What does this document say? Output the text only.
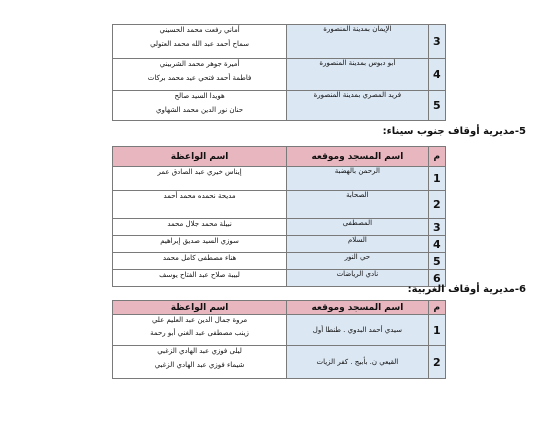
3	الإيمان بمدينة المنصورة	أماني رفعت محمد الحسيني
سماح أحمد عبد الله محمد العتولي

4	أبو دبوس بمدينة المنصورة	أميرة جوهر محمد الشربيني
فاطمة أحمد فتحي عيد محمد بركات

5	فريد المصري بمدينة المنصورة	هويدا السيد صالح
حنان نور الدين محمد الشهاوي
5-مديرية أوقاف جنوب سيناء:
م	اسم المسجد وموقعه	اسم الواعظة
1	الرحمن بالهضبة	إيناس خيري عبد الصادق عمر

2	الصحابة	مديحة نحمده محمد أحمد

3	المصطفى	نبيلة محمد جلال محمد

4	السلام	سوزي السيد صديق إبراهيم

5	حي النور	هناء مصطفى كامل محمد

6	نادي الرياضات	لبيبة صلاح عبد الفتاح يوسف
6-مديرية أوقاف الغربية:
م	اسم المسجد وموقعه	اسم الواعظة
1	سيدي أحمد البدوي . طنطا أول	مروة جمال الدين عبد العليم علي
زينب مصطفى عبد الغني أبو رحمة

2	القيعي ن. بأبيج . كفر الزيات	ليلى فوزي عبد الهادي الزغبي
شيماء فوزي عبد الهادي الزغبي
